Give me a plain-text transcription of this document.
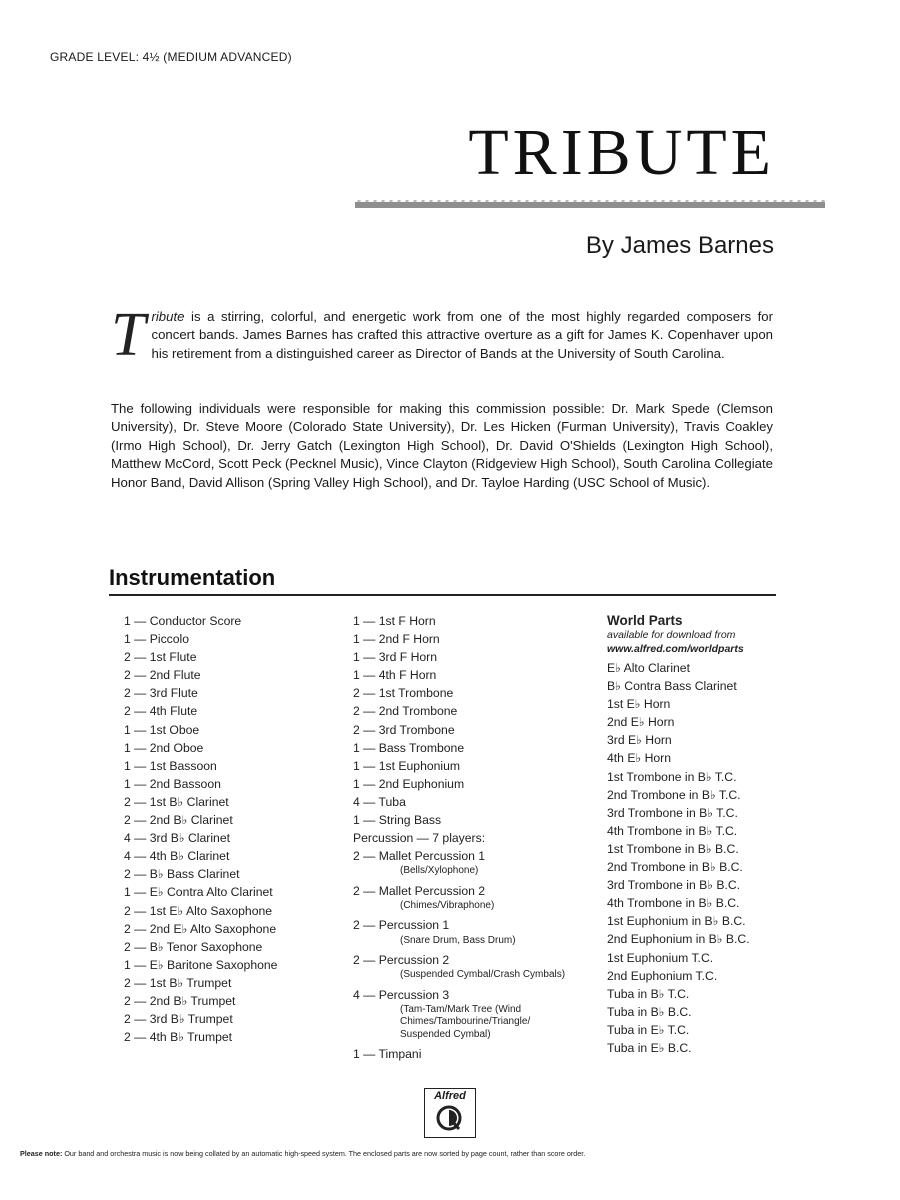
GRADE LEVEL: 4½ (MEDIUM ADVANCED)
TRIBUTE
By James Barnes
Tribute is a stirring, colorful, and energetic work from one of the most highly regarded composers for concert bands. James Barnes has crafted this attractive overture as a gift for James K. Copenhaver upon his retirement from a distinguished career as Director of Bands at the University of South Carolina.
The following individuals were responsible for making this commission possible: Dr. Mark Spede (Clemson University), Dr. Steve Moore (Colorado State University), Dr. Les Hicken (Furman University), Travis Coakley (Irmo High School), Dr. Jerry Gatch (Lexington High School), Dr. David O'Shields (Lexington High School), Matthew McCord, Scott Peck (Pecknel Music), Vince Clayton (Ridgeview High School), South Carolina Collegiate Honor Band, David Allison (Spring Valley High School), and Dr. Tayloe Harding (USC School of Music).
Instrumentation
1 — Conductor Score
1 — Piccolo
2 — 1st Flute
2 — 2nd Flute
2 — 3rd Flute
2 — 4th Flute
1 — 1st Oboe
1 — 2nd Oboe
1 — 1st Bassoon
1 — 2nd Bassoon
2 — 1st B♭ Clarinet
2 — 2nd B♭ Clarinet
4 — 3rd B♭ Clarinet
4 — 4th B♭ Clarinet
2 — B♭ Bass Clarinet
1 — E♭ Contra Alto Clarinet
2 — 1st E♭ Alto Saxophone
2 — 2nd E♭ Alto Saxophone
2 — B♭ Tenor Saxophone
1 — E♭ Baritone Saxophone
2 — 1st B♭ Trumpet
2 — 2nd B♭ Trumpet
2 — 3rd B♭ Trumpet
2 — 4th B♭ Trumpet
1 — 1st F Horn
1 — 2nd F Horn
1 — 3rd F Horn
1 — 4th F Horn
2 — 1st Trombone
2 — 2nd Trombone
2 — 3rd Trombone
1 — Bass Trombone
1 — 1st Euphonium
1 — 2nd Euphonium
4 — Tuba
1 — String Bass
Percussion — 7 players:
2 — Mallet Percussion 1
(Bells/Xylophone)
2 — Mallet Percussion 2
(Chimes/Vibraphone)
2 — Percussion 1
(Snare Drum, Bass Drum)
2 — Percussion 2
(Suspended Cymbal/Crash Cymbals)
4 — Percussion 3
(Tam-Tam/Mark Tree (Wind Chimes/Tambourine/Triangle/ Suspended Cymbal)
1 — Timpani
World Parts
available for download from
www.alfred.com/worldparts
E♭ Alto Clarinet
B♭ Contra Bass Clarinet
1st E♭ Horn
2nd E♭ Horn
3rd E♭ Horn
4th E♭ Horn
1st Trombone in B♭ T.C.
2nd Trombone in B♭ T.C.
3rd Trombone in B♭ T.C.
4th Trombone in B♭ T.C.
1st Trombone in B♭ B.C.
2nd Trombone in B♭ B.C.
3rd Trombone in B♭ B.C.
4th Trombone in B♭ B.C.
1st Euphonium in B♭ B.C.
2nd Euphonium in B♭ B.C.
1st Euphonium T.C.
2nd Euphonium T.C.
Tuba in B♭ T.C.
Tuba in B♭ B.C.
Tuba in E♭ T.C.
Tuba in E♭ B.C.
Alfred
Please note: Our band and orchestra music is now being collated by an automatic high-speed system. The enclosed parts are now sorted by page count, rather than score order.
